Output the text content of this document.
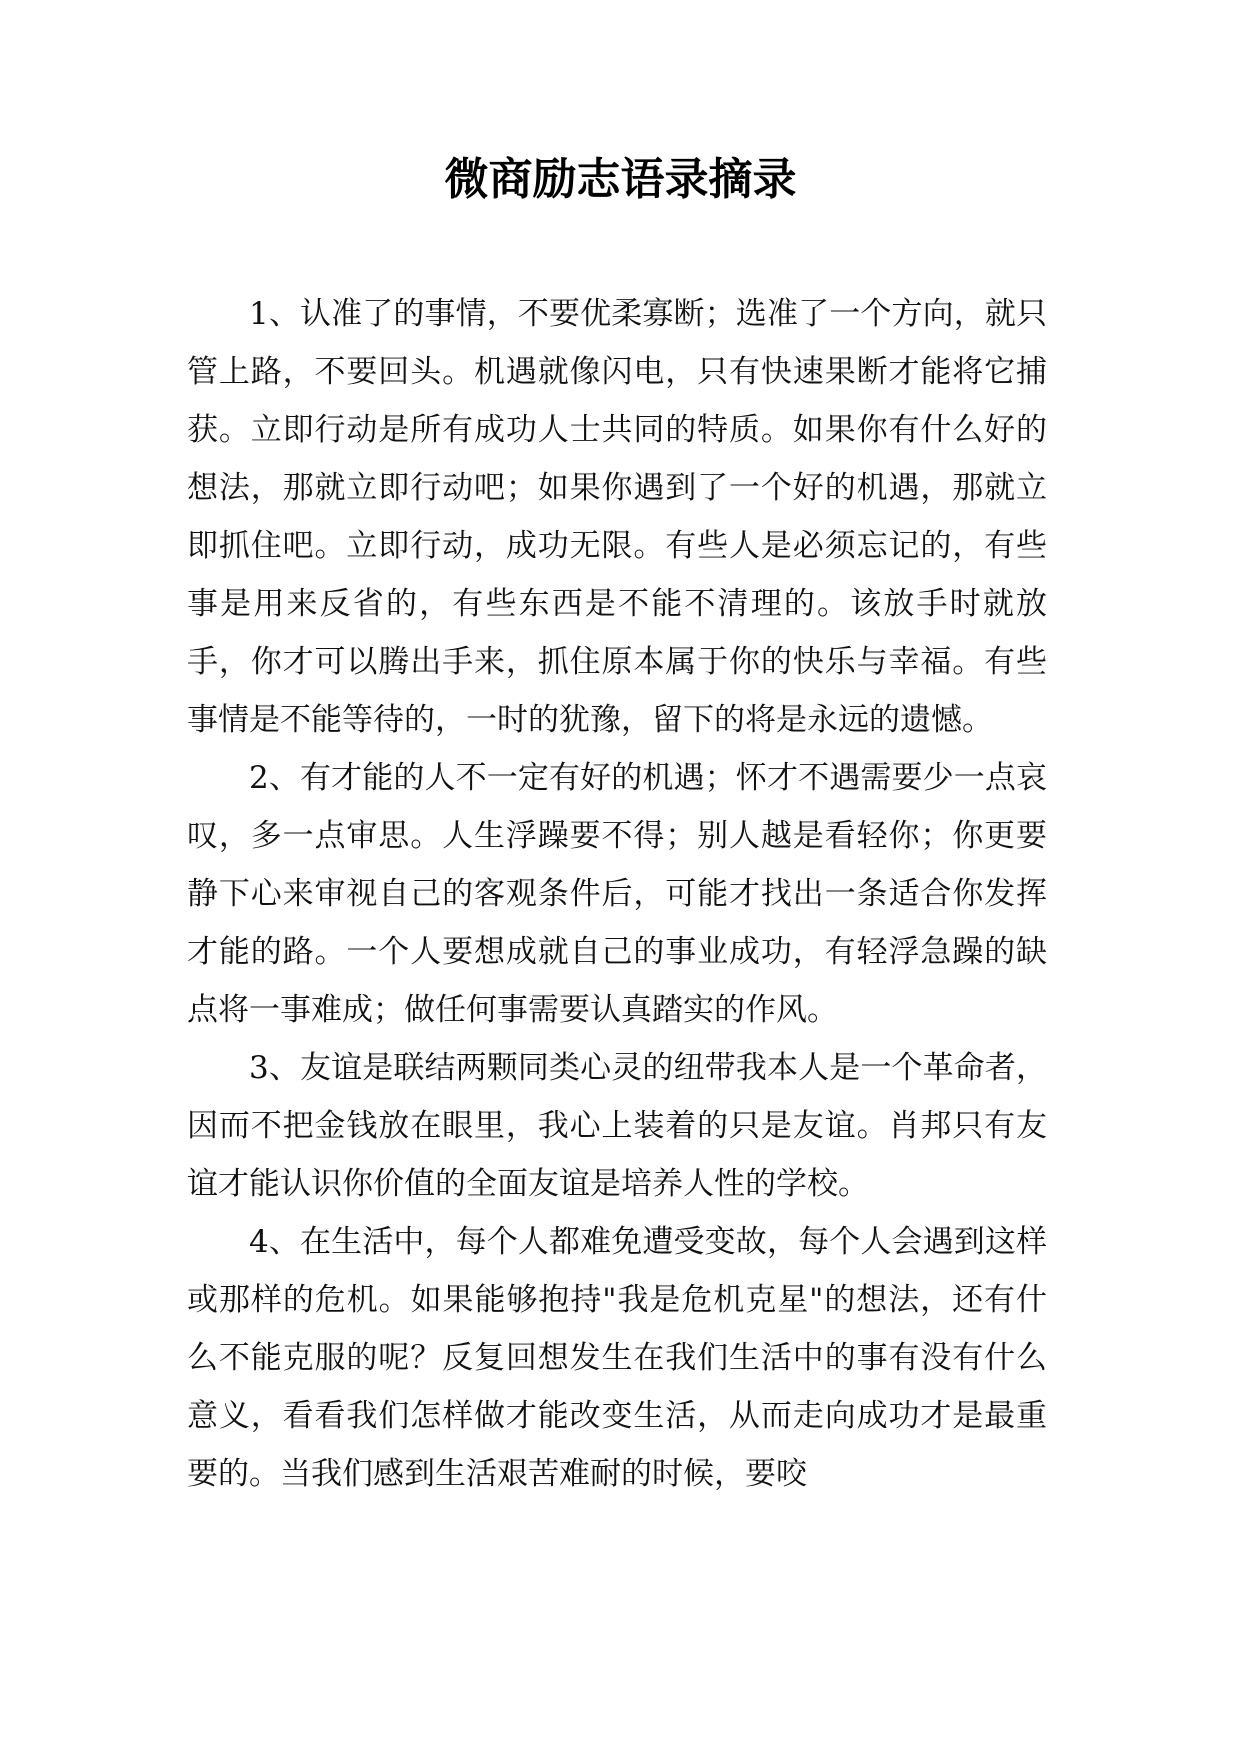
微商励志语录摘录

1、认准了的事情，不要优柔寡断；选准了一个方向，就只管上路，不要回头。机遇就像闪电，只有快速果断才能将它捕获。立即行动是所有成功人士共同的特质。如果你有什么好的想法，那就立即行动吧；如果你遇到了一个好的机遇，那就立即抓住吧。立即行动，成功无限。有些人是必须忘记的，有些事是用来反省的，有些东西是不能不清理的。该放手时就放手，你才可以腾出手来，抓住原本属于你的快乐与幸福。有些事情是不能等待的，一时的犹豫，留下的将是永远的遗憾。

2、有才能的人不一定有好的机遇；怀才不遇需要少一点哀叹，多一点审思。人生浮躁要不得；别人越是看轻你；你更要静下心来审视自己的客观条件后，可能才找出一条适合你发挥才能的路。一个人要想成就自己的事业成功，有轻浮急躁的缺点将一事难成；做任何事需要认真踏实的作风。

3、友谊是联结两颗同类心灵的纽带我本人是一个革命者，因而不把金钱放在眼里，我心上装着的只是友谊。肖邦只有友谊才能认识你价值的全面友谊是培养人性的学校。

4、在生活中，每个人都难免遭受变故，每个人会遇到这样或那样的危机。如果能够抱持"我是危机克星"的想法，还有什么不能克服的呢？反复回想发生在我们生活中的事有没有什么意义，看看我们怎样做才能改变生活，从而走向成功才是最重要的。当我们感到生活艰苦难耐的时候，要咬
